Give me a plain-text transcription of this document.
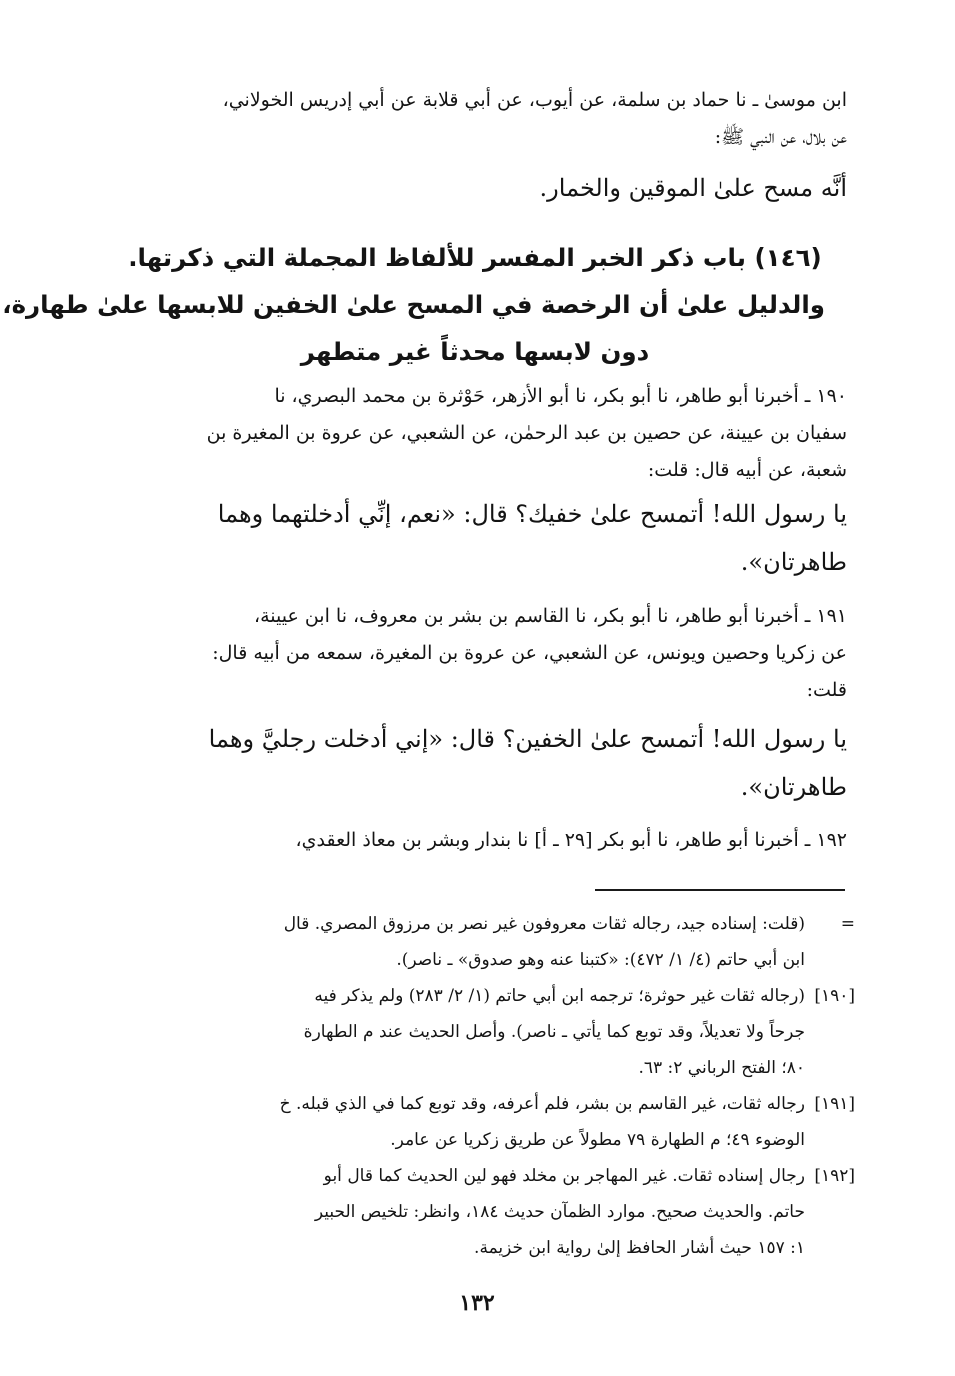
ابن موسىٰ ـ نا حماد بن سلمة، عن أيوب، عن أبي قلابة عن أبي إدريس الخولاني،
عن بلال، عن النبي ﷺ:
أنَّه مسح علىٰ الموقين والخمار.
(١٤٦) باب ذكر الخبر المفسر للألفاظ المجملة التي ذكرتها.
والدليل علىٰ أن الرخصة في المسح علىٰ الخفين للابسها علىٰ طهارة،
دون لابسها محدثاً غير متطهر
١٩٠ ـ أخبرنا أبو طاهر، نا أبو بكر، نا أبو الأزهر، حَوْثرة بن محمد البصري، نا
سفيان بن عيينة، عن حصين بن عبد الرحمٰن، عن الشعبي، عن عروة بن المغيرة بن
شعبة، عن أبيه قال: قلت:
يا رسول الله! أتمسح علىٰ خفيك؟ قال: «نعم، إنِّي أدخلتهما وهما
طاهرتان».
١٩١ ـ أخبرنا أبو طاهر، نا أبو بكر، نا القاسم بن بشر بن معروف، نا ابن عيينة،
عن زكريا وحصين ويونس، عن الشعبي، عن عروة بن المغيرة، سمعه من أبيه قال:
قلت:
يا رسول الله! أتمسح علىٰ الخفين؟ قال: «إني أدخلت رجليَّ وهما
طاهرتان».
١٩٢ ـ أخبرنا أبو طاهر، نا أبو بكر [٢٩ ـ أ] نا بندار وبشر بن معاذ العقدي،
=
(قلت: إسناده جيد، رجاله ثقات معروفون غير نصر بن مرزوق المصري. قال
ابن أبي حاتم (٤/ ١/ ٤٧٢): «كتبنا عنه وهو صدوق» ـ ناصر).
[١٩٠]
(رجاله ثقات غير حوثرة؛ ترجمه ابن أبي حاتم (١/ ٢/ ٢٨٣) ولم يذكر فيه
جرحاً ولا تعديلاً، وقد توبع كما يأتي ـ ناصر). وأصل الحديث عند م الطهارة
٨٠؛ الفتح الرباني ٢: ٦٣.
[١٩١]
رجاله ثقات، غير القاسم بن بشر، فلم أعرفه، وقد توبع كما في الذي قبله. خ
الوضوء ٤٩؛ م الطهارة ٧٩ مطولاً عن طريق زكريا عن عامر.
[١٩٢]
رجال إسناده ثقات. غير المهاجر بن مخلد فهو لين الحديث كما قال أبو
حاتم. والحديث صحيح. موارد الظمآن حديث ١٨٤، وانظر: تلخيص الحبير
١: ١٥٧ حيث أشار الحافظ إلىٰ رواية ابن خزيمة.
١٣٢
